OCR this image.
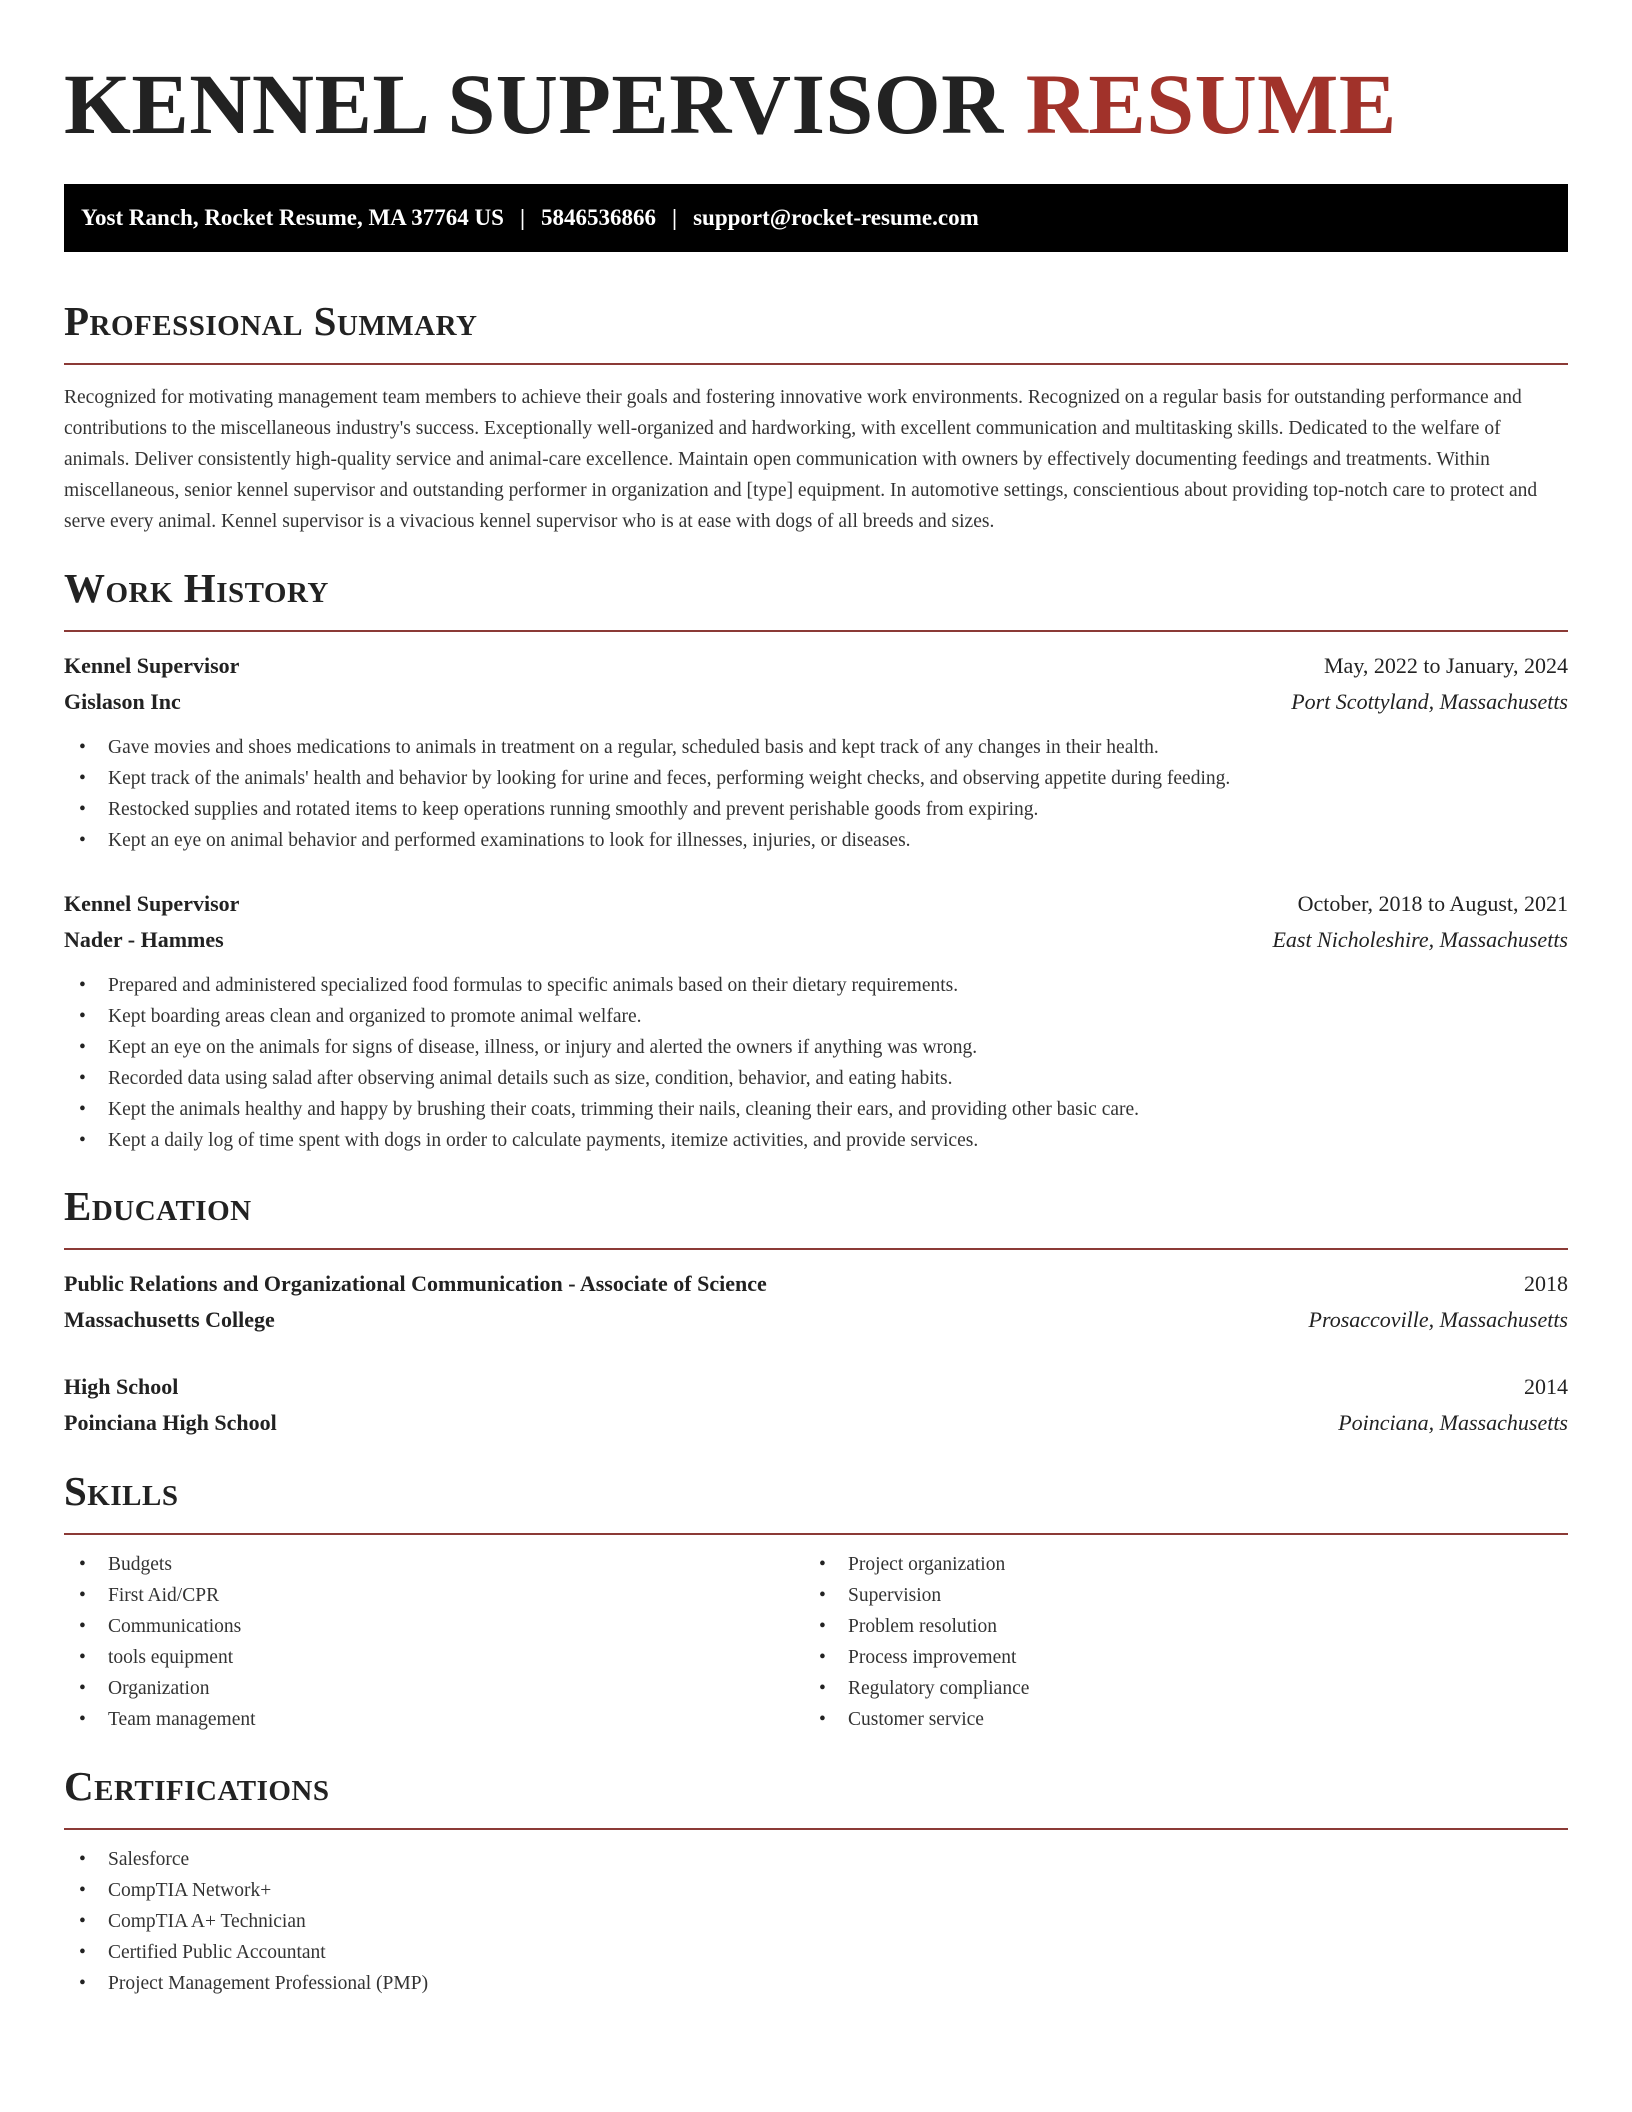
KENNEL SUPERVISOR RESUME
Yost Ranch, Rocket Resume, MA 37764 US | 5846536866 | support@rocket-resume.com
Professional Summary

Recognized for motivating management team members to achieve their goals and fostering innovative work environments. Recognized on a regular basis for outstanding performance and contributions to the miscellaneous industry's success. Exceptionally well-organized and hardworking, with excellent communication and multitasking skills. Dedicated to the welfare of animals. Deliver consistently high-quality service and animal-care excellence. Maintain open communication with owners by effectively documenting feedings and treatments. Within miscellaneous, senior kennel supervisor and outstanding performer in organization and [type] equipment. In automotive settings, conscientious about providing top-notch care to protect and serve every animal. Kennel supervisor is a vivacious kennel supervisor who is at ease with dogs of all breeds and sizes.

Work History
Kennel Supervisor	May, 2022 to January, 2024
Gislason Inc	Port Scottyland, Massachusetts
• Gave movies and shoes medications to animals in treatment on a regular, scheduled basis and kept track of any changes in their health.
• Kept track of the animals' health and behavior by looking for urine and feces, performing weight checks, and observing appetite during feeding.
• Restocked supplies and rotated items to keep operations running smoothly and prevent perishable goods from expiring.
• Kept an eye on animal behavior and performed examinations to look for illnesses, injuries, or diseases.
Kennel Supervisor	October, 2018 to August, 2021
Nader - Hammes	East Nicholeshire, Massachusetts
• Prepared and administered specialized food formulas to specific animals based on their dietary requirements.
• Kept boarding areas clean and organized to promote animal welfare.
• Kept an eye on the animals for signs of disease, illness, or injury and alerted the owners if anything was wrong.
• Recorded data using salad after observing animal details such as size, condition, behavior, and eating habits.
• Kept the animals healthy and happy by brushing their coats, trimming their nails, cleaning their ears, and providing other basic care.
• Kept a daily log of time spent with dogs in order to calculate payments, itemize activities, and provide services.
Education
Public Relations and Organizational Communication - Associate of Science	2018
Massachusetts College	Prosaccoville, Massachusetts
High School	2014
Poinciana High School	Poinciana, Massachusetts
Skills
• Budgets
• First Aid/CPR
• Communications
• tools equipment
• Organization
• Team management
• Project organization
• Supervision
• Problem resolution
• Process improvement
• Regulatory compliance
• Customer service
Certifications
• Salesforce
• CompTIA Network+
• CompTIA A+ Technician
• Certified Public Accountant
• Project Management Professional (PMP)
